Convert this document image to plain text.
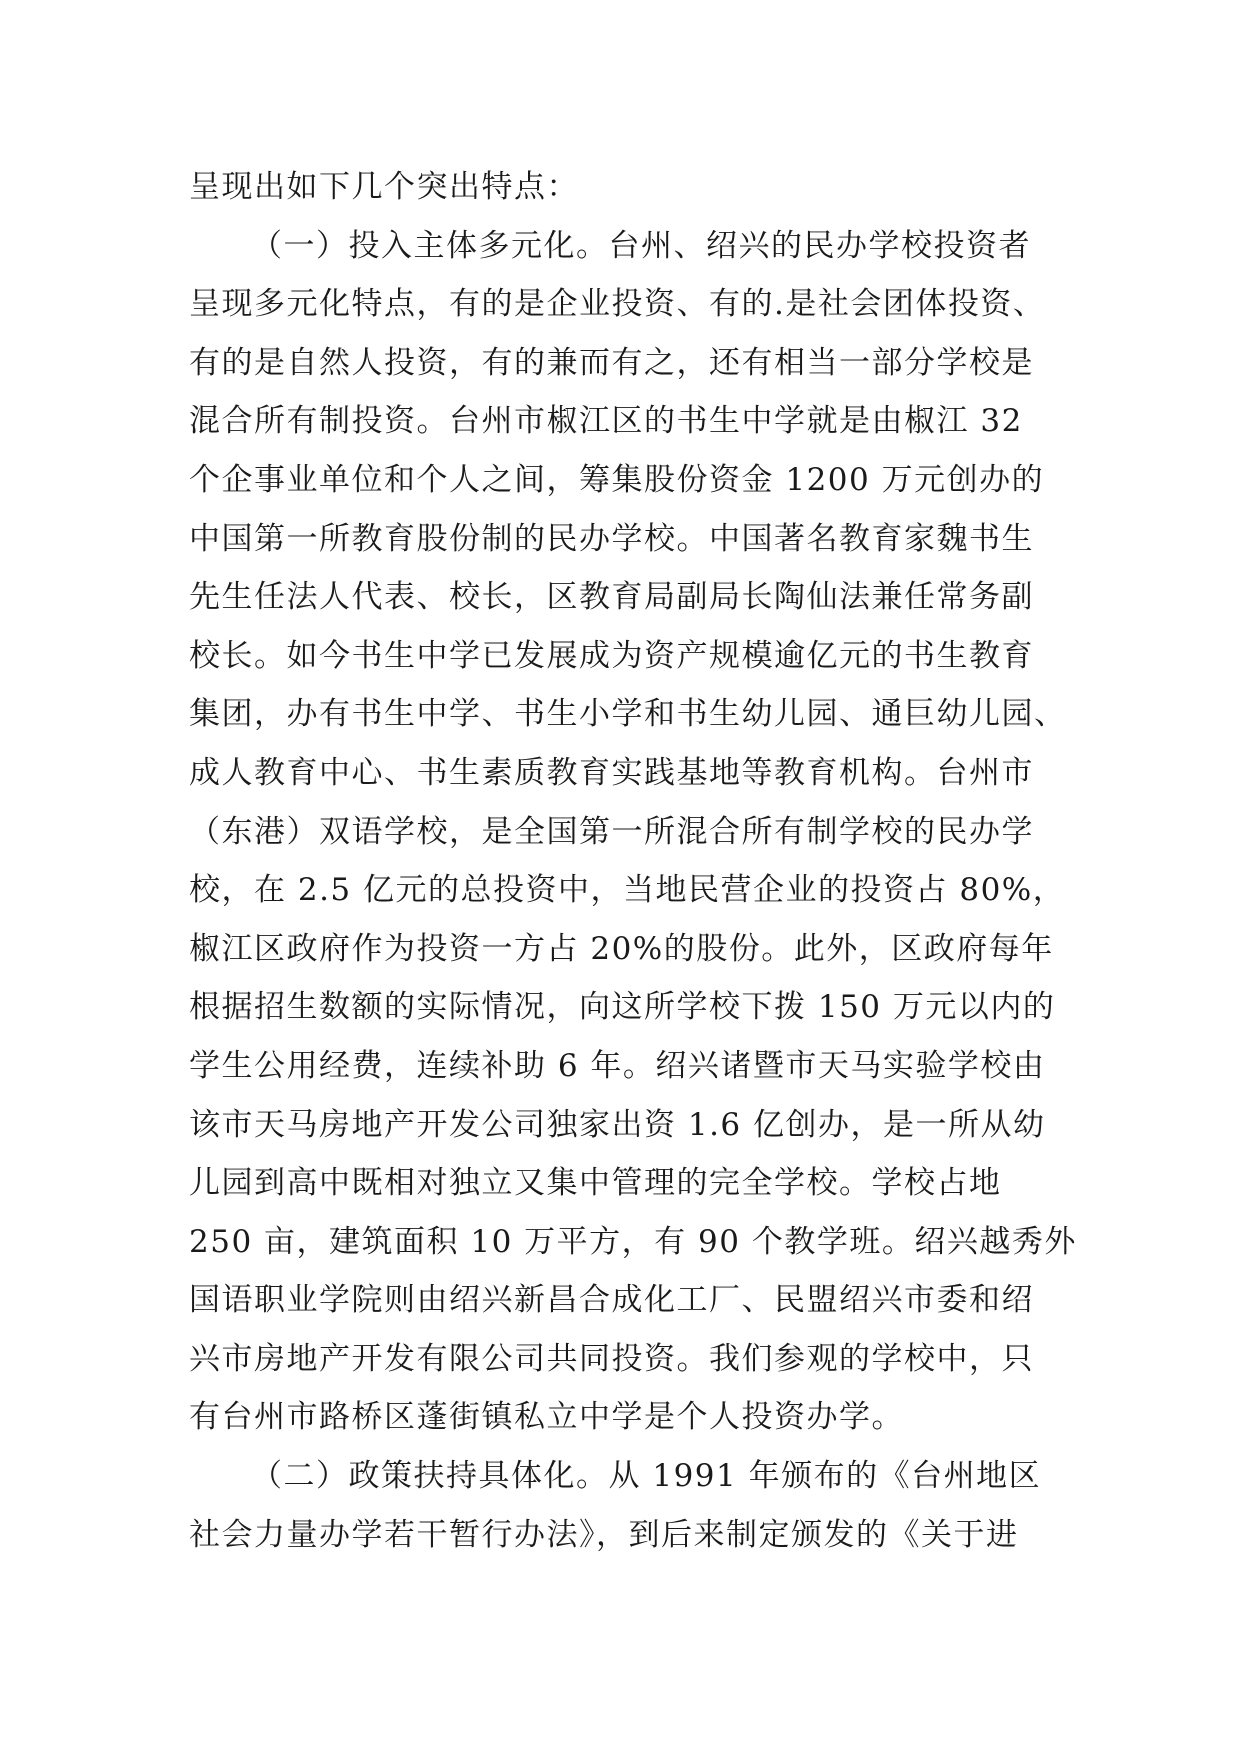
呈现出如下几个突出特点：
（一）投入主体多元化。台州、绍兴的民办学校投资者
呈现多元化特点，有的是企业投资、有的.是社会团体投资、
有的是自然人投资，有的兼而有之，还有相当一部分学校是
混合所有制投资。台州市椒江区的书生中学就是由椒江 32
个企事业单位和个人之间，筹集股份资金 1200 万元创办的
中国第一所教育股份制的民办学校。中国著名教育家魏书生
先生任法人代表、校长，区教育局副局长陶仙法兼任常务副
校长。如今书生中学已发展成为资产规模逾亿元的书生教育
集团，办有书生中学、书生小学和书生幼儿园、通巨幼儿园、
成人教育中心、书生素质教育实践基地等教育机构。台州市
（东港）双语学校，是全国第一所混合所有制学校的民办学
校，在 2.5 亿元的总投资中，当地民营企业的投资占 80%，
椒江区政府作为投资一方占 20%的股份。此外，区政府每年
根据招生数额的实际情况，向这所学校下拨 150 万元以内的
学生公用经费，连续补助 6 年。绍兴诸暨市天马实验学校由
该市天马房地产开发公司独家出资 1.6 亿创办，是一所从幼
儿园到高中既相对独立又集中管理的完全学校。学校占地
250 亩，建筑面积 10 万平方，有 90 个教学班。绍兴越秀外
国语职业学院则由绍兴新昌合成化工厂、民盟绍兴市委和绍
兴市房地产开发有限公司共同投资。我们参观的学校中，只
有台州市路桥区蓬街镇私立中学是个人投资办学。
（二）政策扶持具体化。从 1991 年颁布的《台州地区
社会力量办学若干暂行办法》，到后来制定颁发的《关于进
